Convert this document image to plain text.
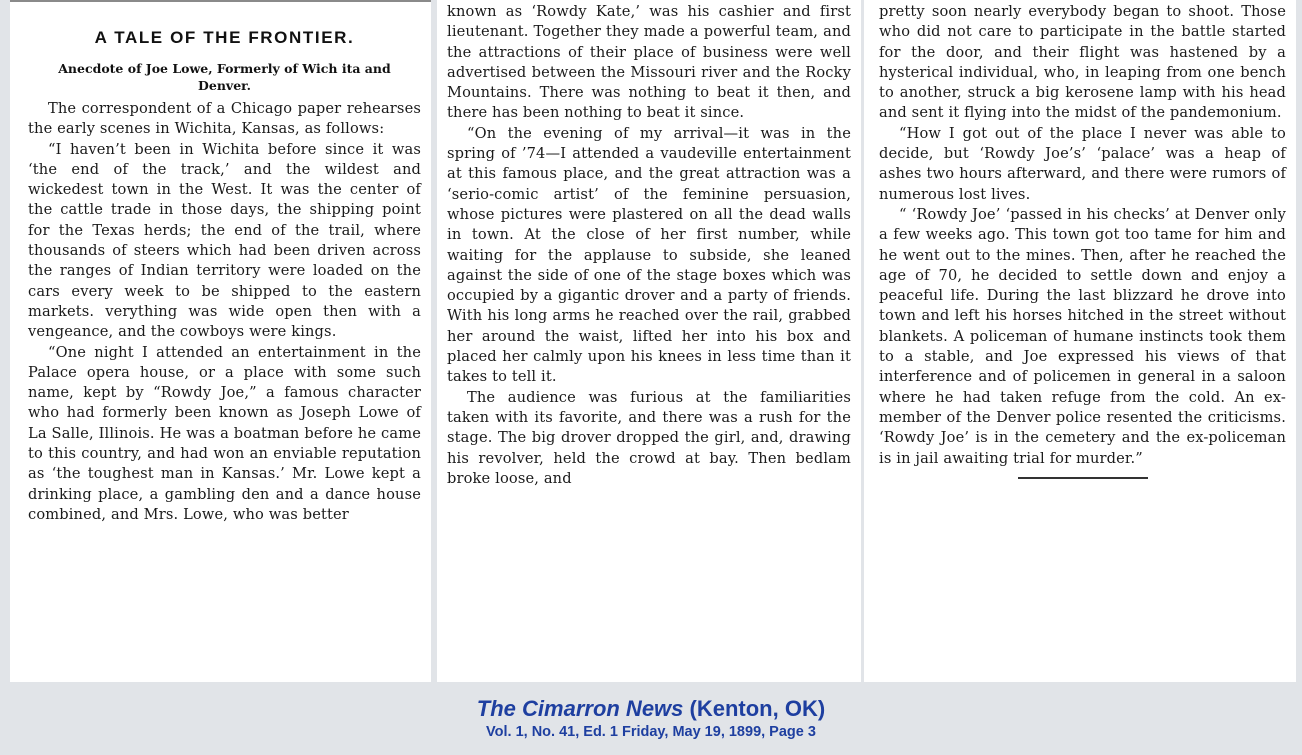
A TALE OF THE FRONTIER.
Anecdote of Joe Lowe, Formerly of Wich ita and Denver.

The correspondent of a Chicago paper rehearses the early scenes in Wichita, Kansas, as follows:

“I haven’t been in Wichita before since it was ‘the end of the track,’ and the wildest and wickedest town in the West. It was the center of the cattle trade in those days, the shipping point for the Texas herds; the end of the trail, where thousands of steers which had been driven across the ranges of Indian territory were loaded on the cars every week to be shipped to the eastern markets. verything was wide open then with a vengeance, and the cowboys were kings.

“One night I attended an entertainment in the Palace opera house, or a place with some such name, kept by “Rowdy Joe,” a famous character who had formerly been known as Joseph Lowe of La Salle, Illinois. He was a boatman before he came to this country, and had won an enviable reputation as ‘the toughest man in Kansas.’ Mr. Lowe kept a drinking place, a gambling den and a dance house combined, and Mrs. Lowe, who was better

known as ‘Rowdy Kate,’ was his cashier and first lieutenant. Together they made a powerful team, and the attractions of their place of business were well advertised between the Missouri river and the Rocky Mountains. There was nothing to beat it then, and there has been nothing to beat it since.

“On the evening of my arrival—it was in the spring of ’74—I attended a vaudeville entertainment at this famous place, and the great attraction was a ‘serio-comic artist’ of the feminine persuasion, whose pictures were plastered on all the dead walls in town. At the close of her first number, while waiting for the applause to subside, she leaned against the side of one of the stage boxes which was occupied by a gigantic drover and a party of friends. With his long arms he reached over the rail, grabbed her around the waist, lifted her into his box and placed her calmly upon his knees in less time than it takes to tell it.

The audience was furious at the familiarities taken with its favorite, and there was a rush for the stage. The big drover dropped the girl, and, drawing his revolver, held the crowd at bay. Then bedlam broke loose, and

pretty soon nearly everybody began to shoot. Those who did not care to participate in the battle started for the door, and their flight was hastened by a hysterical individual, who, in leaping from one bench to another, struck a big kerosene lamp with his head and sent it flying into the midst of the pandemonium.

“How I got out of the place I never was able to decide, but ‘Rowdy Joe’s’ ‘palace’ was a heap of ashes two hours afterward, and there were rumors of numerous lost lives.

“ ‘Rowdy Joe’ ‘passed in his checks’ at Denver only a few weeks ago. This town got too tame for him and he went out to the mines. Then, after he reached the age of 70, he decided to settle down and enjoy a peaceful life. During the last blizzard he drove into town and left his horses hitched in the street without blankets. A policeman of humane instincts took them to a stable, and Joe expressed his views of that interference and of policemen in general in a saloon where he had taken refuge from the cold. An ex-member of the Denver police resented the criticisms. ‘Rowdy Joe’ is in the cemetery and the ex-policeman is in jail awaiting trial for murder.”

The Cimarron News (Kenton, OK)
Vol. 1, No. 41, Ed. 1 Friday, May 19, 1899, Page 3
